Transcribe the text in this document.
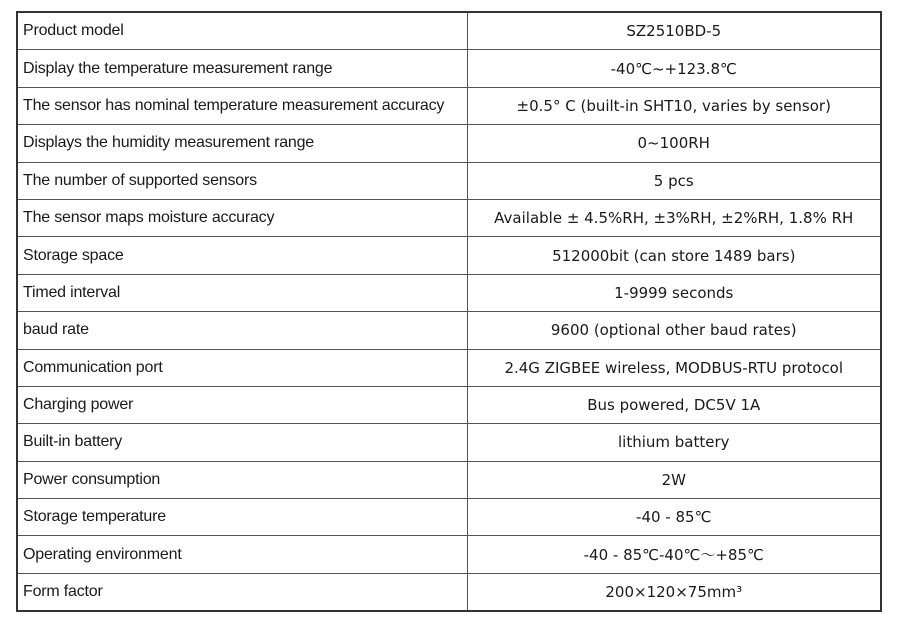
Product model	SZ2510BD-5
Display the temperature measurement range	-40℃~+123.8℃
The sensor has nominal temperature measurement accuracy	±0.5° C (built-in SHT10, varies by sensor)
Displays the humidity measurement range	0~100RH
The number of supported sensors	5 pcs
The sensor maps moisture accuracy	Available ± 4.5%RH, ±3%RH, ±2%RH, 1.8% RH
Storage space	512000bit (can store 1489 bars)
Timed interval	1-9999 seconds
baud rate	9600 (optional other baud rates)
Communication port	2.4G ZIGBEE wireless, MODBUS-RTU protocol
Charging power	Bus powered, DC5V 1A
Built-in battery	lithium battery
Power consumption	2W
Storage temperature	-40 - 85℃
Operating environment	-40 - 85℃-40℃～+85℃
Form factor	200×120×75mm³
